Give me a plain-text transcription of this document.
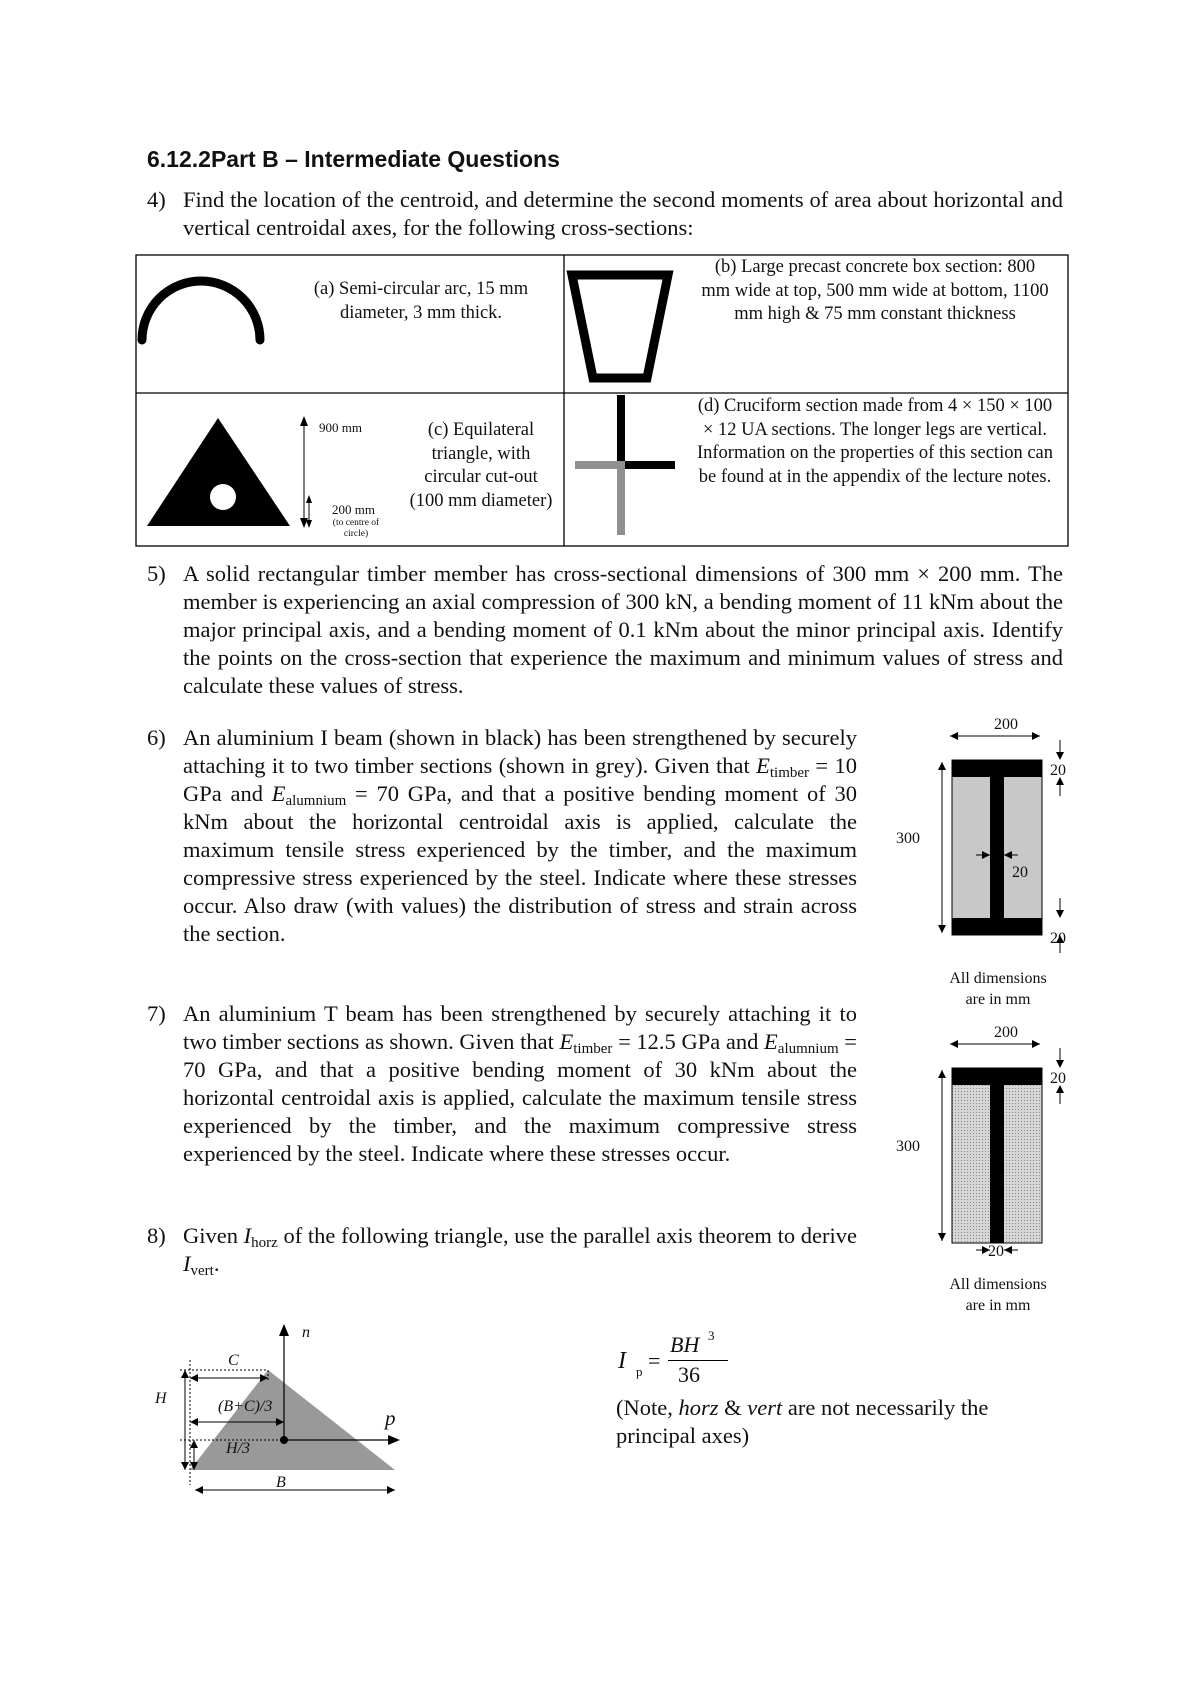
6.12.2Part B – Intermediate Questions
4) Find the location of the centroid, and determine the second moments of area about horizontal and vertical centroidal axes, for the following cross-sections:
(a) Semi-circular arc, 15 mm diameter, 3 mm thick.
(b) Large precast concrete box section: 800 mm wide at top, 500 mm wide at bottom, 1100 mm high & 75 mm constant thickness
900 mm
200 mm
(to centre of circle)
(c) Equilateral triangle, with circular cut-out (100 mm diameter)
(d) Cruciform section made from 4 × 150 × 100 × 12 UA sections. The longer legs are vertical. Information on the properties of this section can be found at in the appendix of the lecture notes.
5) A solid rectangular timber member has cross-sectional dimensions of 300 mm × 200 mm. The member is experiencing an axial compression of 300 kN, a bending moment of 11 kNm about the major principal axis, and a bending moment of 0.1 kNm about the minor principal axis. Identify the points on the cross-section that experience the maximum and minimum values of stress and calculate these values of stress.
6) An aluminium I beam (shown in black) has been strengthened by securely attaching it to two timber sections (shown in grey). Given that $E_{timber} = 10$ GPa and $E_{alumnium} = 70$ GPa, and that a positive bending moment of 30 kNm about the horizontal centroidal axis is applied, calculate the maximum tensile stress experienced by the timber, and the maximum compressive stress experienced by the steel. Indicate where these stresses occur. Also draw (with values) the distribution of stress and strain across the section.
200
20
300
20
20
All dimensions
are in mm
7) An aluminium T beam has been strengthened by securely attaching it to two timber sections as shown. Given that $E_{timber} = 12.5$ GPa and $E_{alumnium} = 70$ GPa, and that a positive bending moment of 30 kNm about the horizontal centroidal axis is applied, calculate the maximum tensile stress experienced by the timber, and the maximum compressive stress experienced by the steel. Indicate where these stresses occur.
200
20
300
20
All dimensions
are in mm
8) Given $I_{horz}$ of the following triangle, use the parallel axis theorem to derive $I_{vert}$.
n
C
H	(B+C)/3	p
H/3
B
I p =
BH 3
36
(Note, horz & vert are not necessarily the principal axes)
